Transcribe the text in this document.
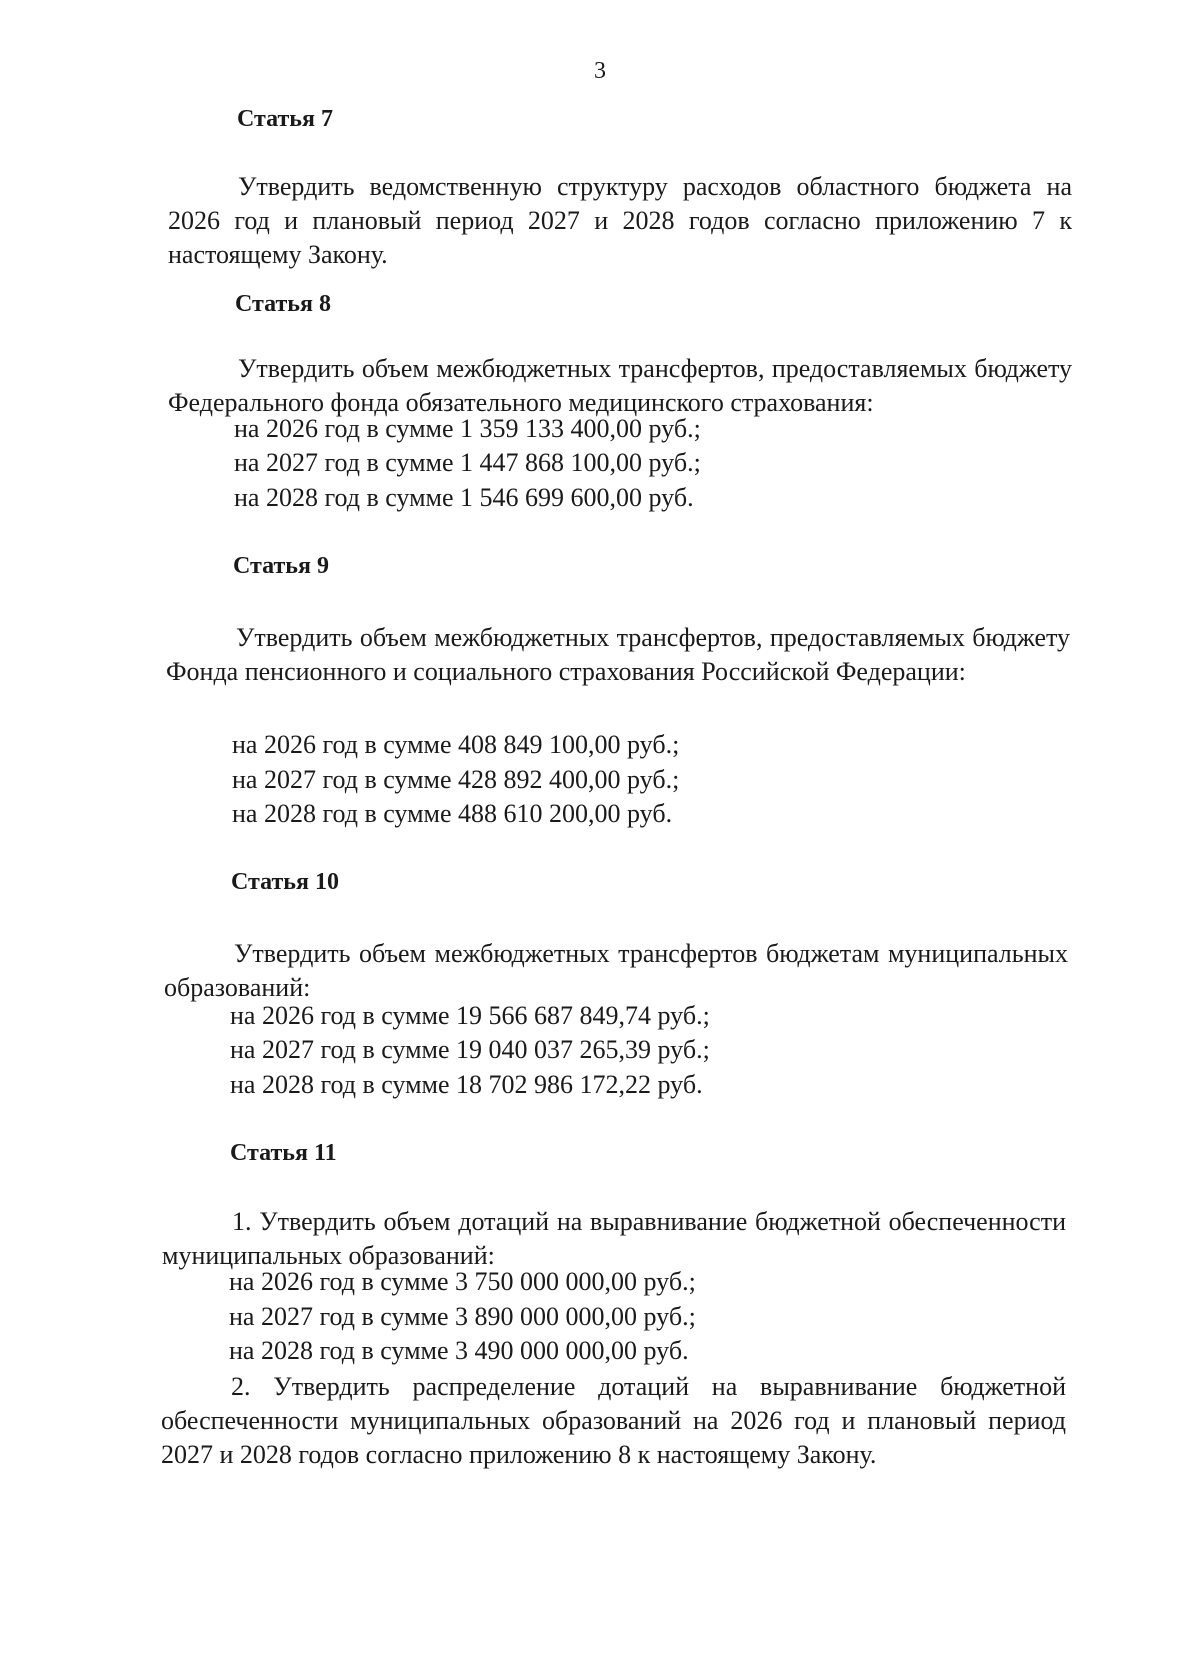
3
Статья 7

Утвердить ведомственную структуру расходов областного бюджета на 2026 год и плановый период 2027 и 2028 годов согласно приложению 7 к настоящему Закону.

Статья 8

Утвердить объем межбюджетных трансфертов, предоставляемых бюджету Федерального фонда обязательного медицинского страхования:

на 2026 год в сумме 1 359 133 400,00 руб.;

на 2027 год в сумме 1 447 868 100,00 руб.;

на 2028 год в сумме 1 546 699 600,00 руб.

Статья 9

Утвердить объем межбюджетных трансфертов, предоставляемых бюджету Фонда пенсионного и социального страхования Российской Федерации:

на 2026 год в сумме 408 849 100,00 руб.;

на 2027 год в сумме 428 892 400,00 руб.;

на 2028 год в сумме 488 610 200,00 руб.

Статья 10

Утвердить объем межбюджетных трансфертов бюджетам муниципальных образований:

на 2026 год в сумме 19 566 687 849,74 руб.;

на 2027 год в сумме 19 040 037 265,39 руб.;

на 2028 год в сумме 18 702 986 172,22 руб.

Статья 11

1. Утвердить объем дотаций на выравнивание бюджетной обеспеченности муниципальных образований:

на 2026 год в сумме 3 750 000 000,00 руб.;

на 2027 год в сумме 3 890 000 000,00 руб.;

на 2028 год в сумме 3 490 000 000,00 руб.

2. Утвердить распределение дотаций на выравнивание бюджетной обеспеченности муниципальных образований на 2026 год и плановый период 2027 и 2028 годов согласно приложению 8 к настоящему Закону.
